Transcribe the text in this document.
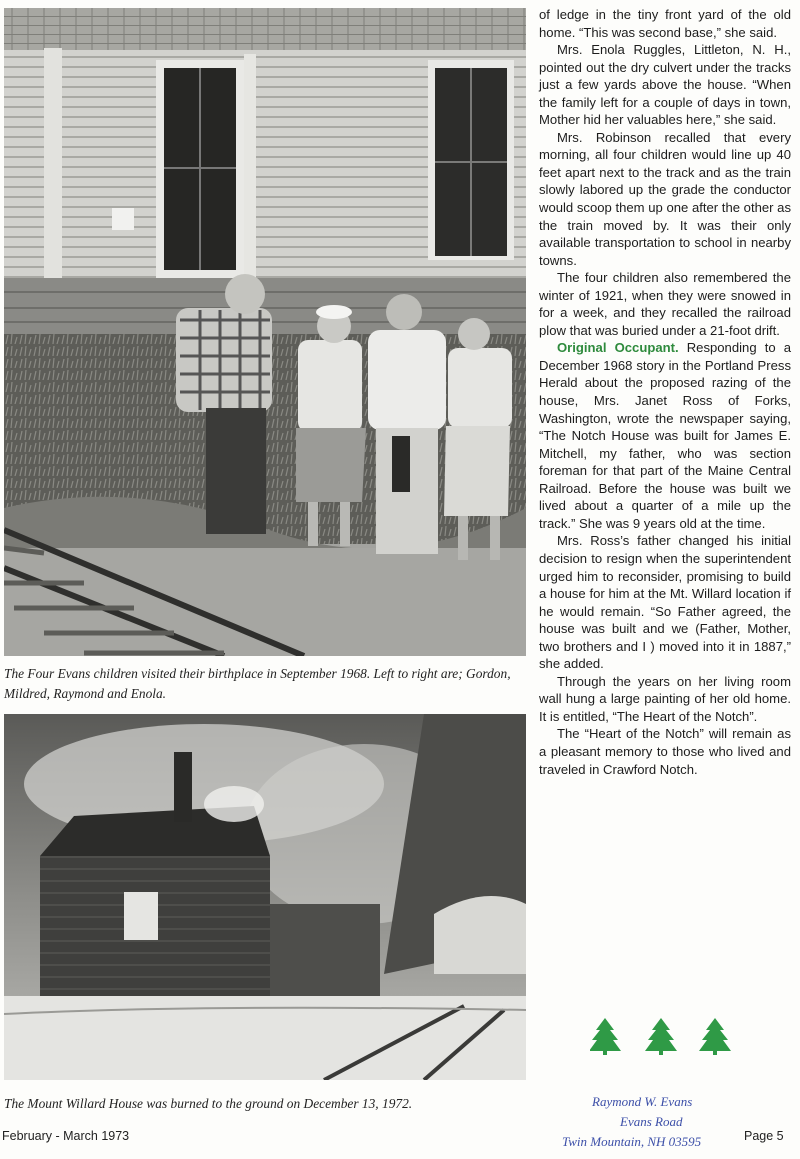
The Four Evans children visited their birthplace in September 1968. Left to right are; Gordon, Mildred, Raymond and Enola.
The Mount Willard House was burned to the ground on December 13, 1972.

of ledge in the tiny front yard of the old home. “This was second base,” she said.

Mrs. Enola Ruggles, Littleton, N. H., pointed out the dry culvert under the tracks just a few yards above the house. “When the family left for a couple of days in town, Mother hid her valuables here,” she said.

Mrs. Robinson recalled that every morning, all four children would line up 40 feet apart next to the track and as the train slowly labored up the grade the conductor would scoop them up one after the other as the train moved by. It was their only available transportation to school in nearby towns.

The four children also remembered the winter of 1921, when they were snowed in for a week, and they recalled the railroad plow that was buried under a 21-foot drift.

Original Occupant. Responding to a December 1968 story in the Portland Press Herald about the proposed razing of the house, Mrs. Janet Ross of Forks, Washington, wrote the newspaper saying, “The Notch House was built for James E. Mitchell, my father, who was section foreman for that part of the Maine Central Railroad. Before the house was built we lived about a quarter of a mile up the track.” She was 9 years old at the time.

Mrs. Ross’s father changed his initial decision to resign when the superintendent urged him to reconsider, promising to build a house for him at the Mt. Willard location if he would remain. “So Father agreed, the house was built and we (Father, Mother, two brothers and I ) moved into it in 1887,” she added.

Through the years on her living room wall hung a large painting of her old home. It is entitled, “The Heart of the Notch”.

The “Heart of the Notch” will remain as a pleasant memory to those who lived and traveled in Crawford Notch.

Raymond W. Evans
Evans Road
Twin Mountain, NH 03595
February - March 1973	Page 5
